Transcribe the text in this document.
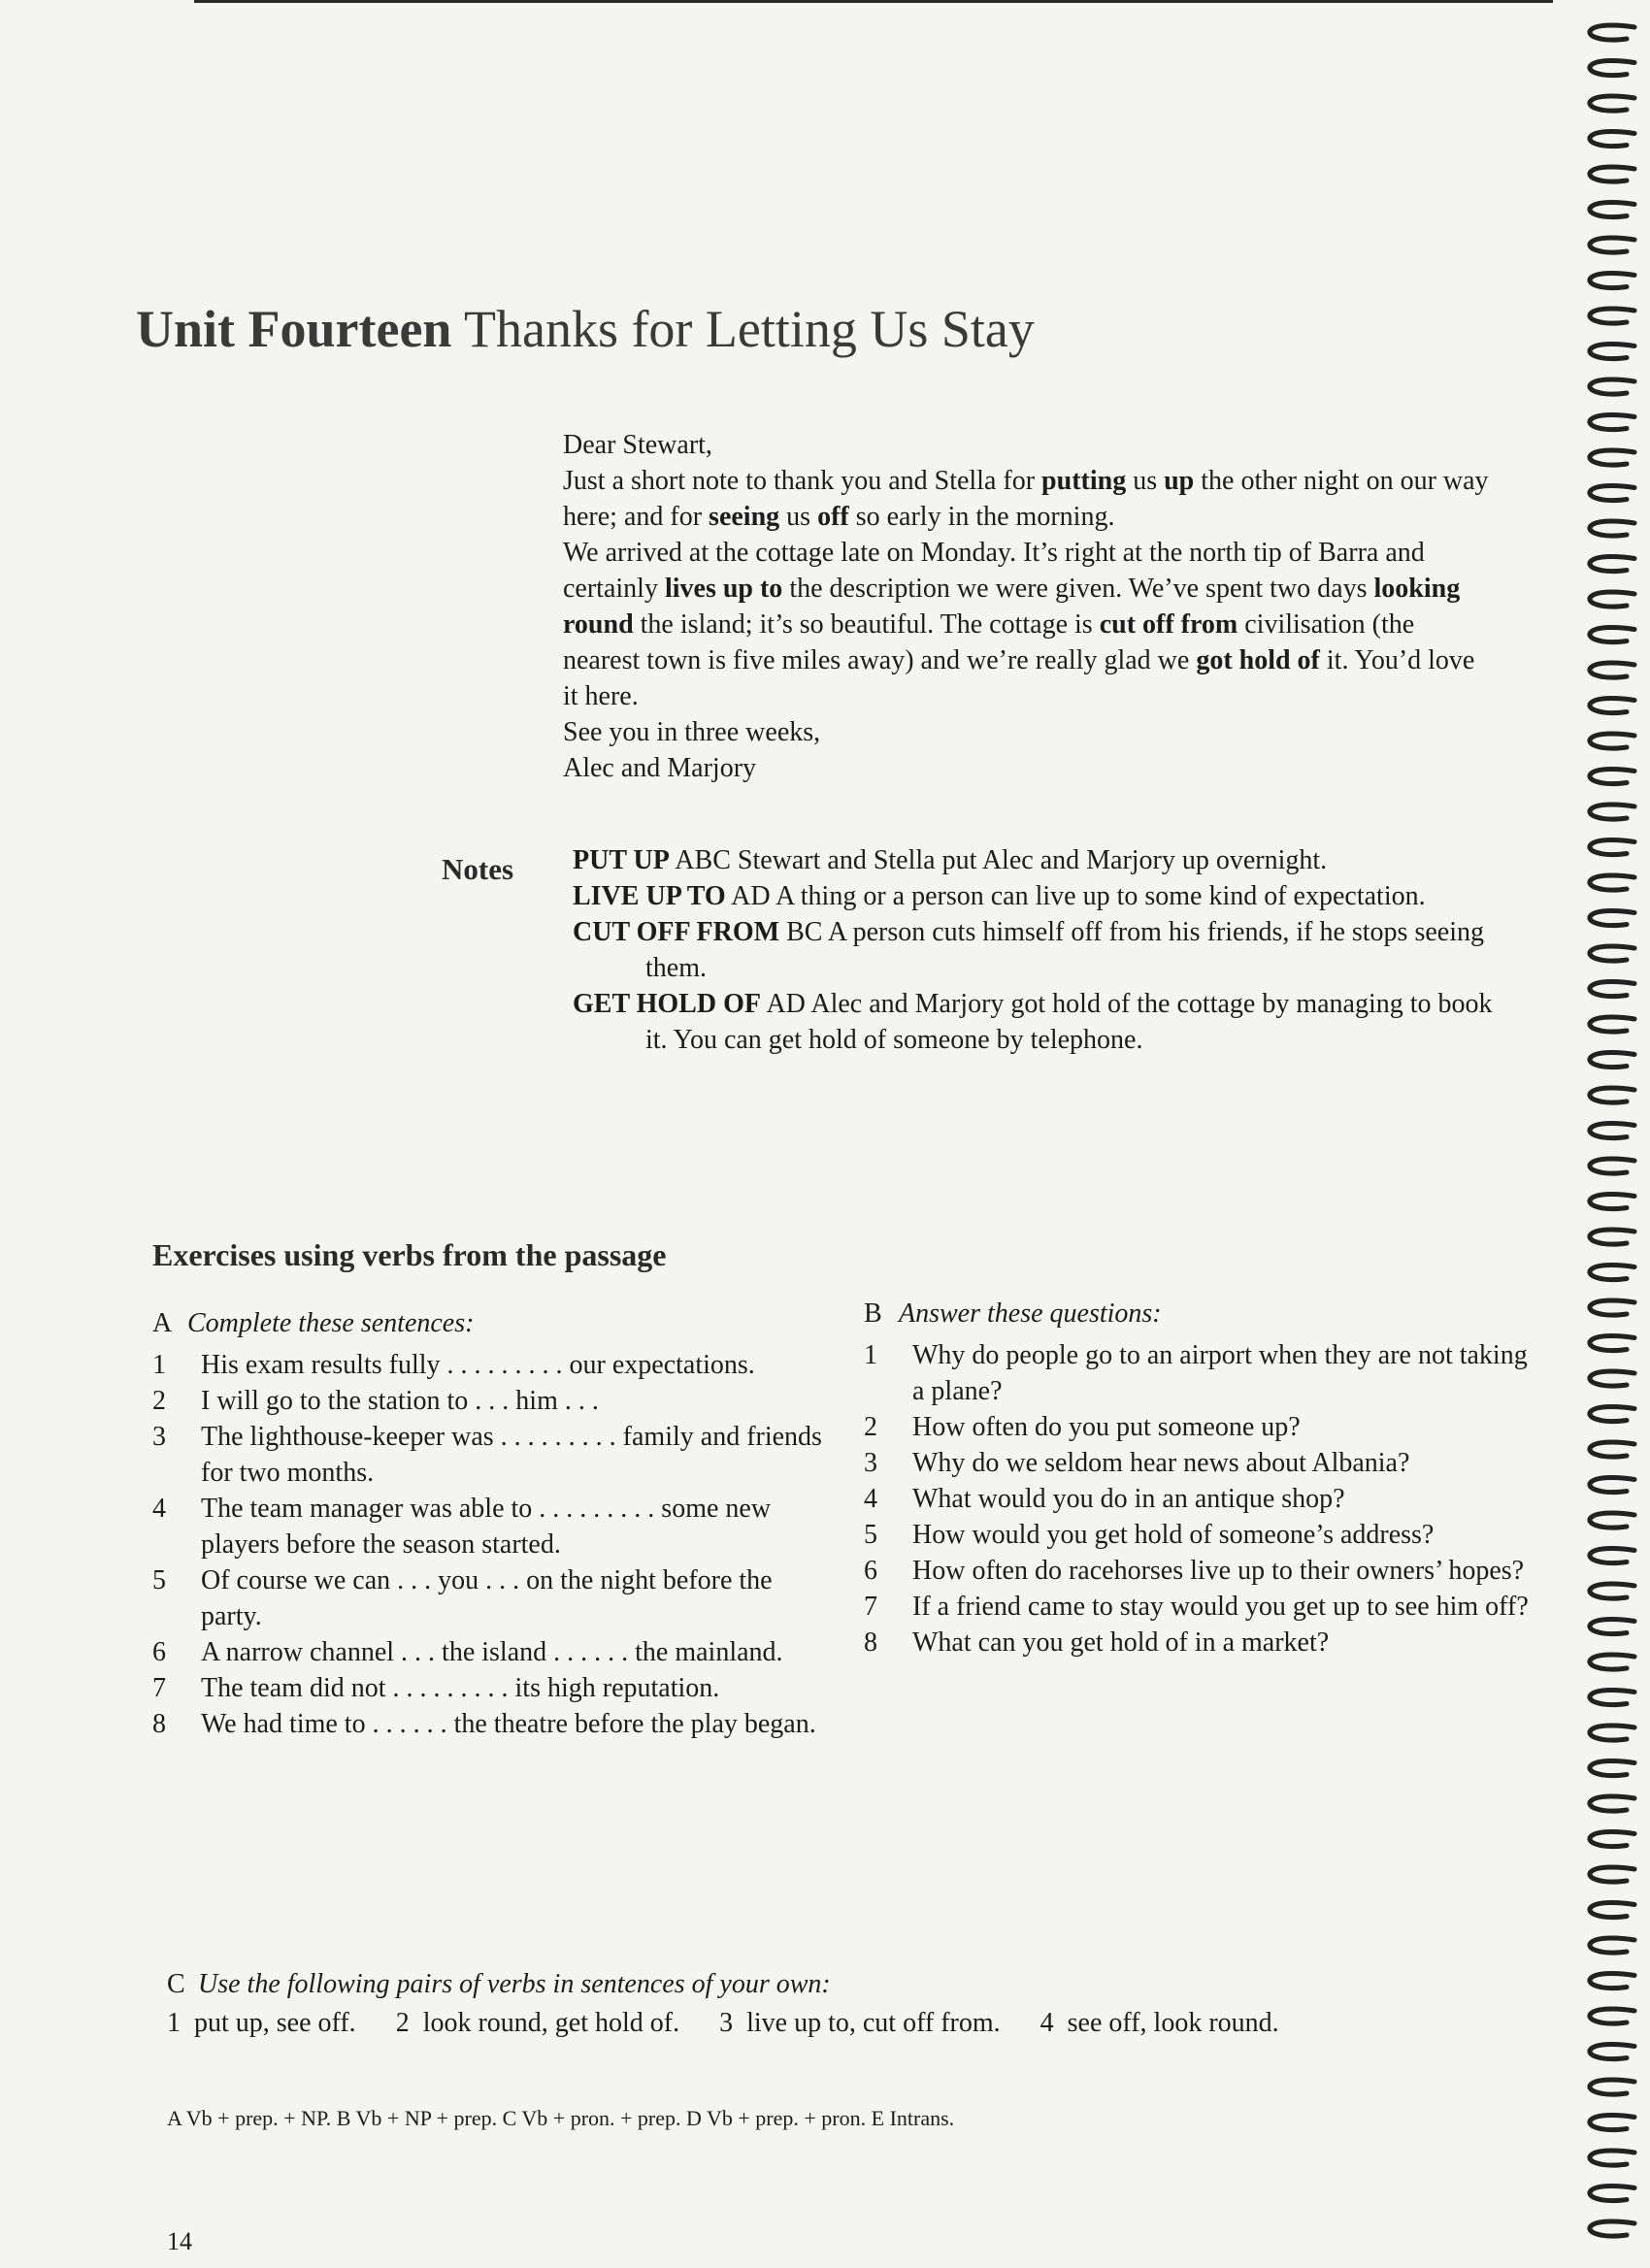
Unit Fourteen Thanks for Letting Us Stay

Dear Stewart,

Just a short note to thank you and Stella for putting us up the other night on our way here; and for seeing us off so early in the morning.

We arrived at the cottage late on Monday. It’s right at the north tip of Barra and certainly lives up to the description we were given. We’ve spent two days looking round the island; it’s so beautiful. The cottage is cut off from civilisation (the nearest town is five miles away) and we’re really glad we got hold of it. You’d love it here.

See you in three weeks,

Alec and Marjory

Notes PUT UP ABC Stewart and Stella put Alec and Marjory up overnight.

LIVE UP TO AD A thing or a person can live up to some kind of expectation.

CUT OFF FROM BC A person cuts himself off from his friends, if he stops seeing them.

GET HOLD OF AD Alec and Marjory got hold of the cottage by managing to book it. You can get hold of someone by telephone.

Exercises using verbs from the passage

A Complete these sentences:

1 His exam results fully . . . . . . . . . our expectations.

2 I will go to the station to . . . him . . .

3 The lighthouse-keeper was . . . . . . . . . family and friends for two months.

4 The team manager was able to . . . . . . . . . some new players before the season started.

5 Of course we can . . . you . . . on the night before the party.

6 A narrow channel . . . the island . . . . . . the mainland.

7 The team did not . . . . . . . . . its high reputation.

8 We had time to . . . . . . the theatre before the play began.

B Answer these questions:

1 Why do people go to an airport when they are not taking a plane?

2 How often do you put someone up?

3 Why do we seldom hear news about Albania?

4 What would you do in an antique shop?

5 How would you get hold of someone’s address?

6 How often do racehorses live up to their owners’ hopes?

7 If a friend came to stay would you get up to see him off?

8 What can you get hold of in a market?

C Use the following pairs of verbs in sentences of your own:

1 put up, see off. 2 look round, get hold of. 3 live up to, cut off from. 4 see off, look round.

A Vb + prep. + NP. B Vb + NP + prep. C Vb + pron. + prep. D Vb + prep. + pron. E Intrans.
14
